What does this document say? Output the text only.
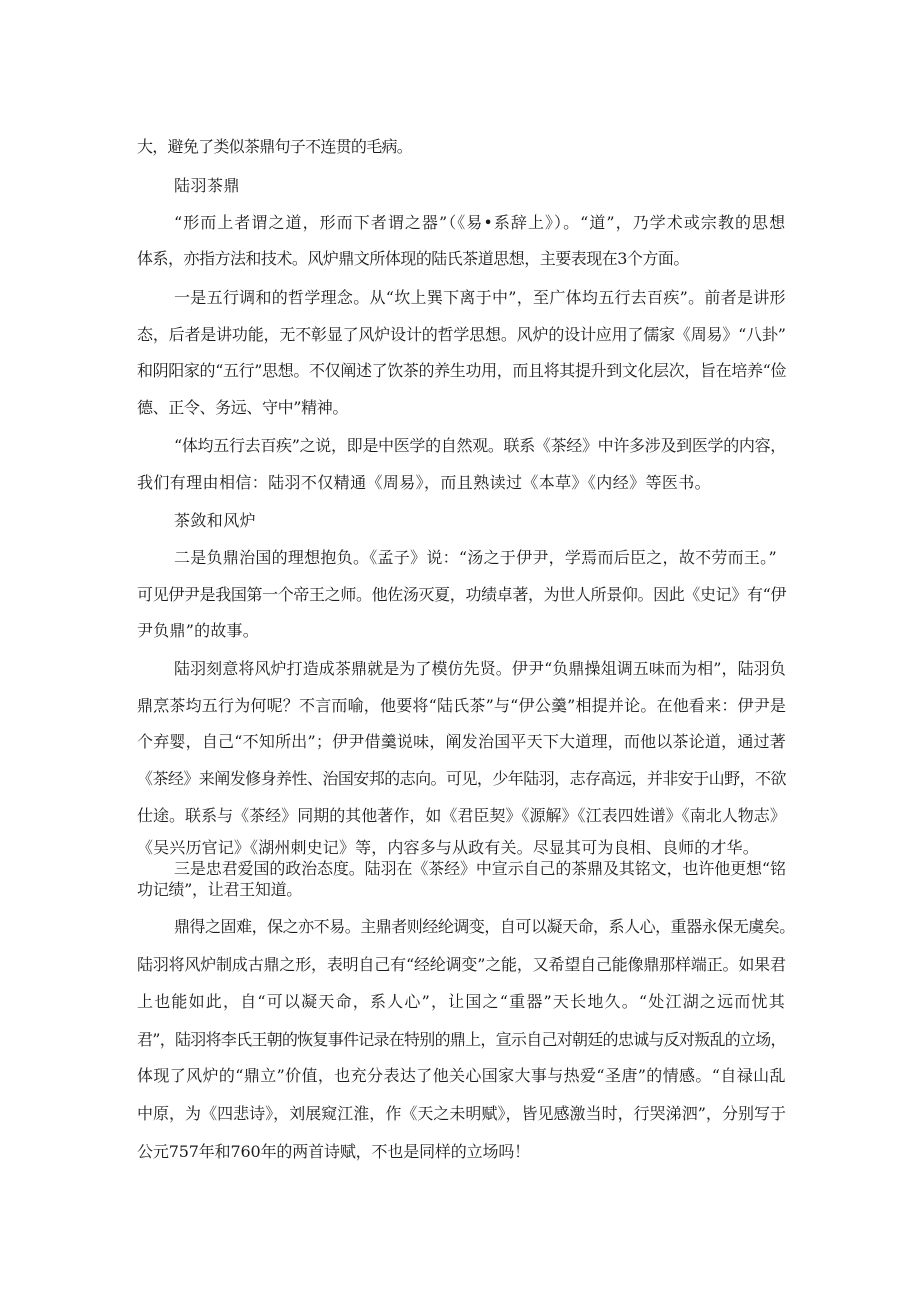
大，避免了类似茶鼎句子不连贯的毛病。

陆羽茶鼎

“形而上者谓之道，形而下者谓之器”（《易•系辞上》）。“道”，乃学术或宗教的思想

体系，亦指方法和技术。风炉鼎文所体现的陆氏茶道思想，主要表现在3个方面。

一是五行调和的哲学理念。从“坎上巽下离于中”，至广体均五行去百疾”。前者是讲形

态，后者是讲功能，无不彰显了风炉设计的哲学思想。风炉的设计应用了儒家《周易》“八卦”

和阴阳家的“五行”思想。不仅阐述了饮茶的养生功用，而且将其提升到文化层次，旨在培养“俭

德、正令、务远、守中”精神。

“体均五行去百疾”之说，即是中医学的自然观。联系《茶经》中许多涉及到医学的内容，

我们有理由相信：陆羽不仅精通《周易》，而且熟读过《本草》《内经》等医书。

茶敛和风炉

二是负鼎治国的理想抱负。《孟子》说：“汤之于伊尹，学焉而后臣之，故不劳而王。”

可见伊尹是我国第一个帝王之师。他佐汤灭夏，功绩卓著，为世人所景仰。因此《史记》有“伊

尹负鼎”的故事。

陆羽刻意将风炉打造成茶鼎就是为了模仿先贤。伊尹“负鼎操俎调五味而为相”，陆羽负

鼎烹茶均五行为何呢？不言而喻，他要将“陆氏茶”与“伊公羹”相提并论。在他看来：伊尹是

个弃婴，自己“不知所出”；伊尹借羹说味，阐发治国平天下大道理，而他以茶论道，通过著

《茶经》来阐发修身养性、治国安邦的志向。可见，少年陆羽，志存高远，并非安于山野，不欲

仕途。联系与《茶经》同期的其他著作，如《君臣契》《源解》《江表四姓谱》《南北人物志》

《吴兴历官记》《湖州刺史记》等，内容多与从政有关。尽显其可为良相、良师的才华。

三是忠君爱国的政治态度。陆羽在《茶经》中宣示自己的茶鼎及其铭文，也许他更想“铭

功记绩”，让君王知道。

鼎得之固难，保之亦不易。主鼎者则经纶调变，自可以凝天命，系人心，重器永保无虞矣。

陆羽将风炉制成古鼎之形，表明自己有“经纶调变”之能，又希望自己能像鼎那样端正。如果君

上也能如此，自“可以凝天命，系人心”，让国之“重器”天长地久。“处江湖之远而忧其

君”，陆羽将李氏王朝的恢复事件记录在特别的鼎上，宣示自己对朝廷的忠诚与反对叛乱的立场，

体现了风炉的“鼎立”价值，也充分表达了他关心国家大事与热爱“圣唐”的情感。“自禄山乱

中原，为《四悲诗》，刘展窥江淮，作《天之未明赋》，皆见感激当时，行哭涕泗”，分别写于

公元757年和760年的两首诗赋，不也是同样的立场吗！
